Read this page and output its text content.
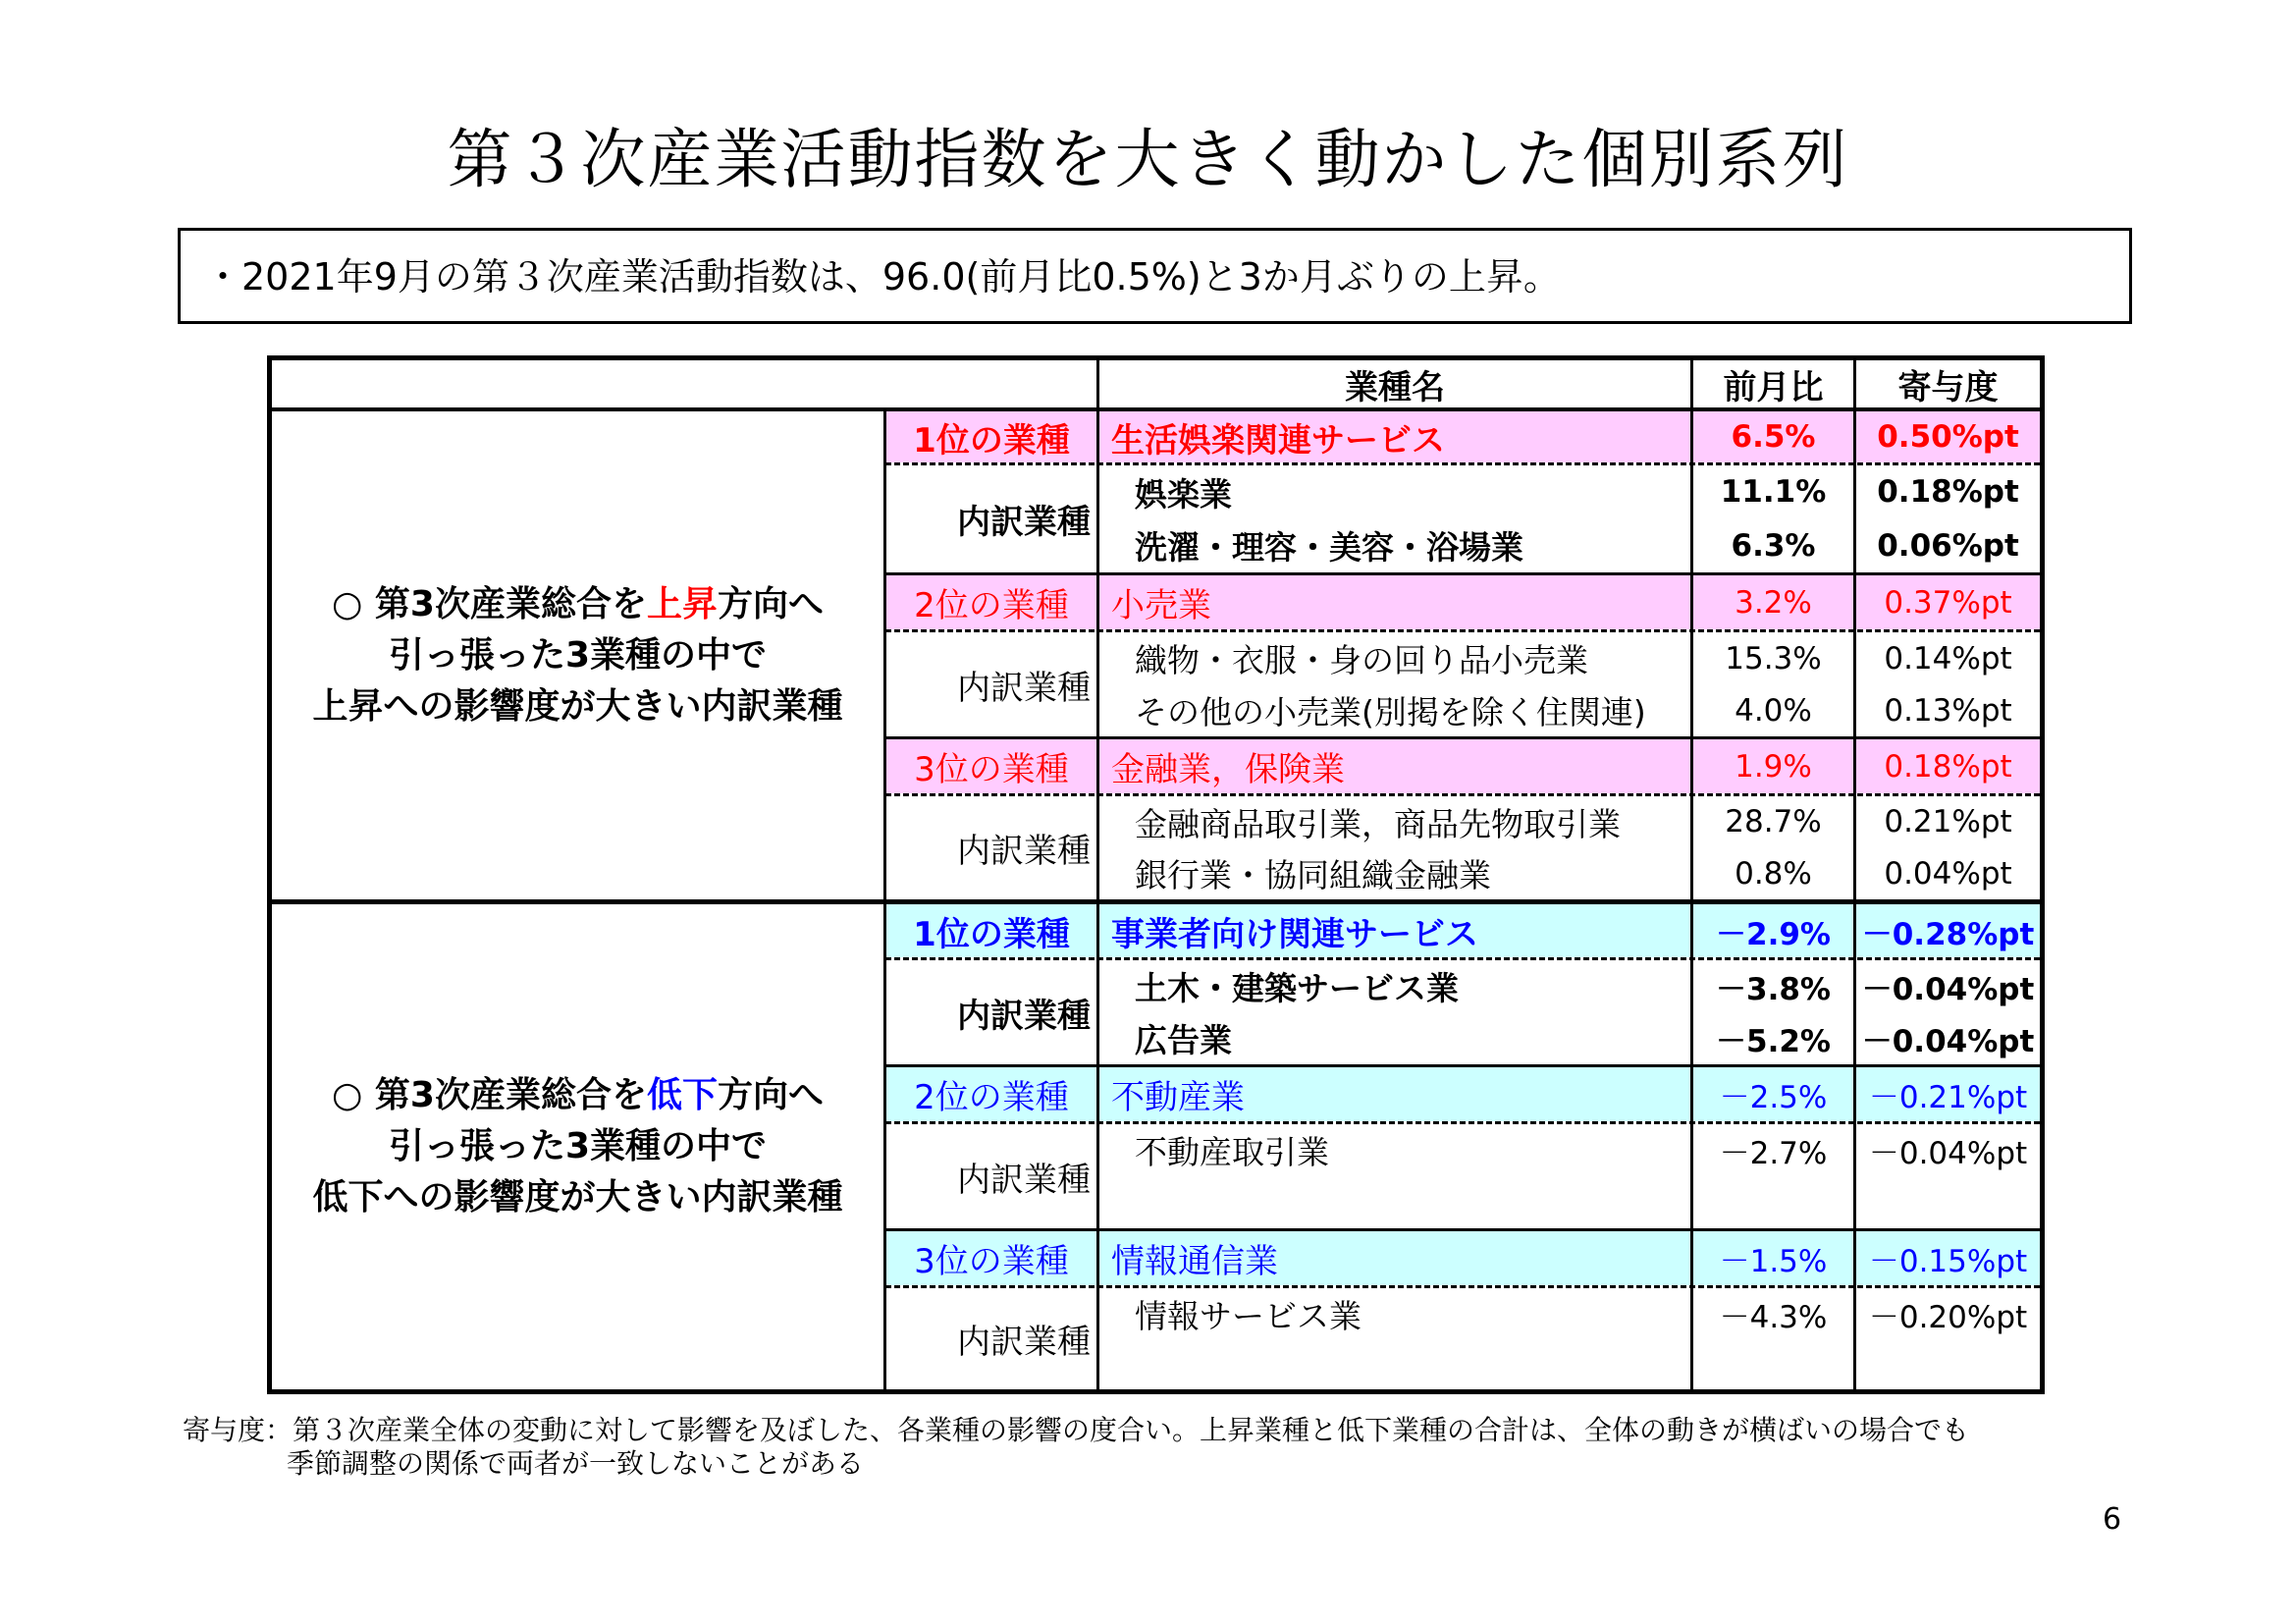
第３次産業活動指数を大きく動かした個別系列
・2021年9月の第３次産業活動指数は、96.0(前月比0.5%)と3か月ぶりの上昇。
業種名	前月比	寄与度
○ 第3次産業総合を上昇方向へ
引っ張った3業種の中で
上昇への影響度が大きい内訳業種
1位の業種	生活娯楽関連サービス	6.5%	0.50%pt
内訳業種
娯楽業	11.1%	0.18%pt
洗濯・理容・美容・浴場業	6.3%	0.06%pt
2位の業種	小売業	3.2%	0.37%pt
内訳業種
織物・衣服・身の回り品小売業	15.3%	0.14%pt
その他の小売業(別掲を除く住関連)	4.0%	0.13%pt
3位の業種	金融業，保険業	1.9%	0.18%pt
内訳業種
金融商品取引業，商品先物取引業	28.7%	0.21%pt
銀行業・協同組織金融業	0.8%	0.04%pt
○ 第3次産業総合を低下方向へ
引っ張った3業種の中で
低下への影響度が大きい内訳業種
1位の業種	事業者向け関連サービス	－2.9%	－0.28%pt
内訳業種
土木・建築サービス業	－3.8%	－0.04%pt
広告業	－5.2%	－0.04%pt
2位の業種	不動産業	－2.5%	－0.21%pt
内訳業種
不動産取引業	－2.7%	－0.04%pt
3位の業種	情報通信業	－1.5%	－0.15%pt
内訳業種
情報サービス業	－4.3%	－0.20%pt
寄与度：第３次産業全体の変動に対して影響を及ぼした、各業種の影響の度合い。上昇業種と低下業種の合計は、全体の動きが横ばいの場合でも
季節調整の関係で両者が一致しないことがある
6
